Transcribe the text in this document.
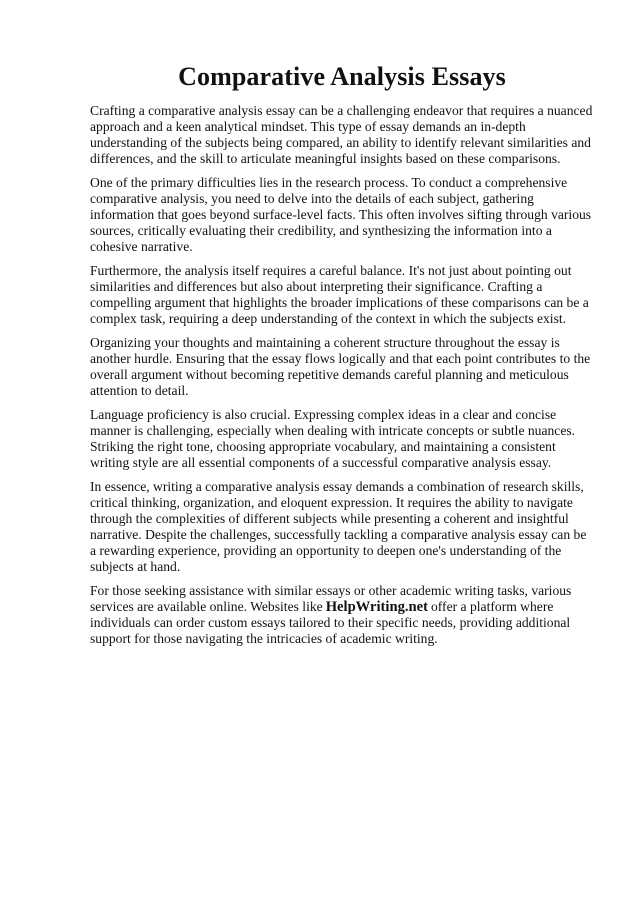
Comparative Analysis Essays

Crafting a comparative analysis essay can be a challenging endeavor that requires a nuanced approach and a keen analytical mindset. This type of essay demands an in-depth understanding of the subjects being compared, an ability to identify relevant similarities and differences, and the skill to articulate meaningful insights based on these comparisons.

One of the primary difficulties lies in the research process. To conduct a comprehensive comparative analysis, you need to delve into the details of each subject, gathering information that goes beyond surface-level facts. This often involves sifting through various sources, critically evaluating their credibility, and synthesizing the information into a cohesive narrative.

Furthermore, the analysis itself requires a careful balance. It's not just about pointing out similarities and differences but also about interpreting their significance. Crafting a compelling argument that highlights the broader implications of these comparisons can be a complex task, requiring a deep understanding of the context in which the subjects exist.

Organizing your thoughts and maintaining a coherent structure throughout the essay is another hurdle. Ensuring that the essay flows logically and that each point contributes to the overall argument without becoming repetitive demands careful planning and meticulous attention to detail.

Language proficiency is also crucial. Expressing complex ideas in a clear and concise manner is challenging, especially when dealing with intricate concepts or subtle nuances. Striking the right tone, choosing appropriate vocabulary, and maintaining a consistent writing style are all essential components of a successful comparative analysis essay.

In essence, writing a comparative analysis essay demands a combination of research skills, critical thinking, organization, and eloquent expression. It requires the ability to navigate through the complexities of different subjects while presenting a coherent and insightful narrative. Despite the challenges, successfully tackling a comparative analysis essay can be a rewarding experience, providing an opportunity to deepen one's understanding of the subjects at hand.

For those seeking assistance with similar essays or other academic writing tasks, various services are available online. Websites like HelpWriting.net offer a platform where individuals can order custom essays tailored to their specific needs, providing additional support for those navigating the intricacies of academic writing.
